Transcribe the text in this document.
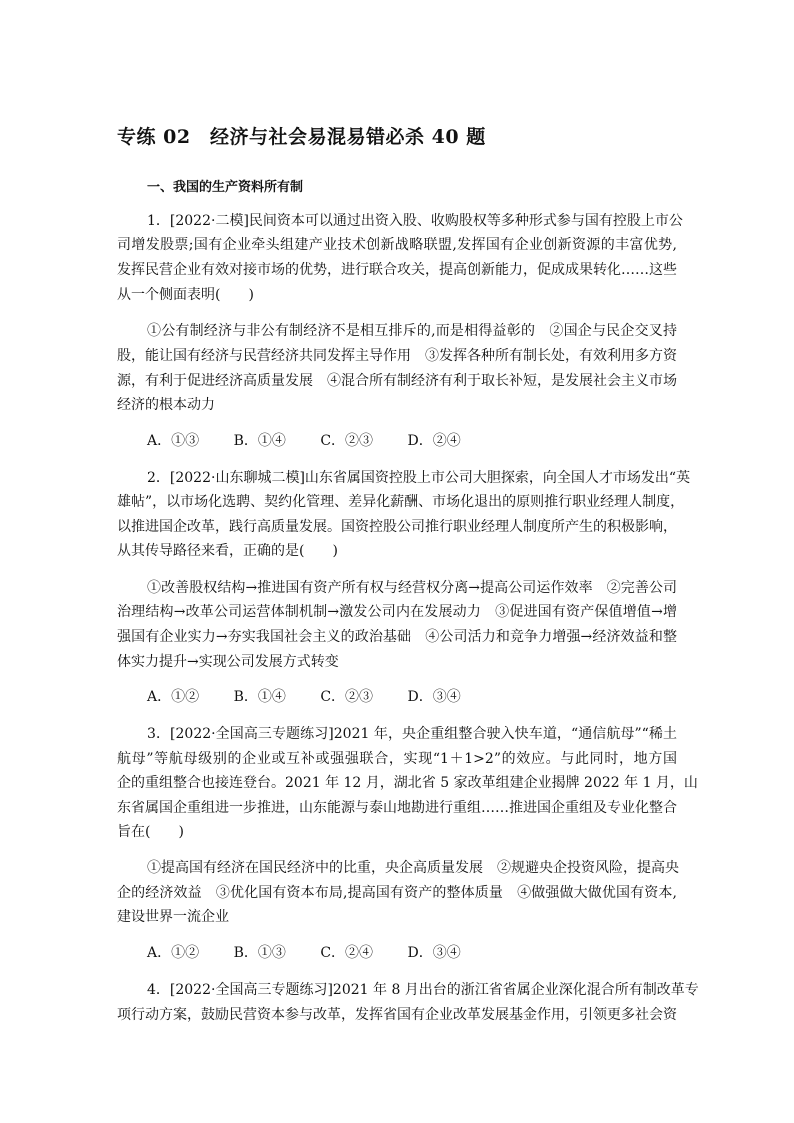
专练 02　经济与社会易混易错必杀 40 题
一、我国的生产资料所有制
1．[2022·二模]民间资本可以通过出资入股、收购股权等多种形式参与国有控股上市公
司增发股票;国有企业牵头组建产业技术创新战略联盟,发挥国有企业创新资源的丰富优势,
发挥民营企业有效对接市场的优势，进行联合攻关，提高创新能力，促成成果转化……这些
从一个侧面表明(　　)
①公有制经济与非公有制经济不是相互排斥的,而是相得益彰的　②国企与民企交叉持
股，能让国有经济与民营经济共同发挥主导作用　③发挥各种所有制长处，有效利用多方资
源，有利于促进经济高质量发展　④混合所有制经济有利于取长补短，是发展社会主义市场
经济的根本动力
A．①③ B．①④ C．②③ D．②④
2．[2022·山东聊城二模]山东省属国资控股上市公司大胆探索，向全国人才市场发出“英
雄帖”，以市场化选聘、契约化管理、差异化薪酬、市场化退出的原则推行职业经理人制度，
以推进国企改革，践行高质量发展。国资控股公司推行职业经理人制度所产生的积极影响，
从其传导路径来看，正确的是(　　)
①改善股权结构→推进国有资产所有权与经营权分离→提高公司运作效率　②完善公司
治理结构→改革公司运营体制机制→激发公司内在发展动力　③促进国有资产保值增值→增
强国有企业实力→夯实我国社会主义的政治基础　④公司活力和竞争力增强→经济效益和整
体实力提升→实现公司发展方式转变
A．①② B．①④ C．②③ D．③④
3．[2022·全国高三专题练习]2021 年，央企重组整合驶入快车道，“通信航母”“稀土
航母”等航母级别的企业或互补或强强联合，实现“1＋1>2”的效应。与此同时，地方国
企的重组整合也接连登台。2021 年 12 月，湖北省 5 家改革组建企业揭牌 2022 年 1 月，山
东省属国企重组进一步推进，山东能源与泰山地勘进行重组……推进国企重组及专业化整合
旨在(　　)
①提高国有经济在国民经济中的比重，央企高质量发展　②规避央企投资风险，提高央
企的经济效益　③优化国有资本布局,提高国有资产的整体质量　④做强做大做优国有资本,
建设世界一流企业
A．①② B．①③ C．②④ D．③④
4．[2022·全国高三专题练习]2021 年 8 月出台的浙江省省属企业深化混合所有制改革专
项行动方案，鼓励民营资本参与改革，发挥省国有企业改革发展基金作用，引领更多社会资
